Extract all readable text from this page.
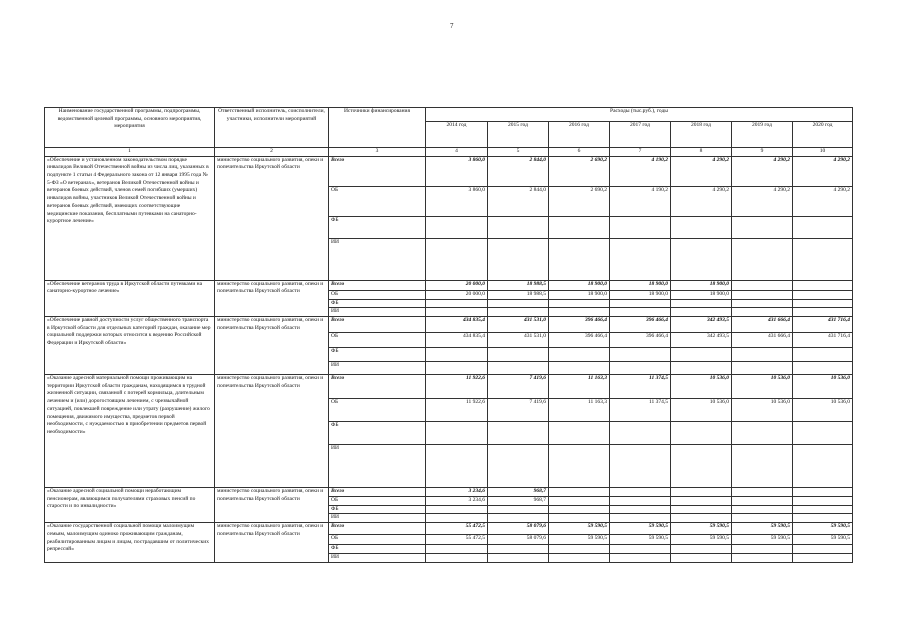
7
Наименование государственной программы, подпрограммы, ведомственной целевой программы, основного мероприятия, мероприятия	Ответственный исполнитель, соисполнители, участники, исполнители мероприятий	Источники финансирования	Расходы (тыс.руб.), годы						
			2014 год	2015 год	2016 год	2017 год	2018 год	2019 год	2020 год
1	2	3	4	5	6	7	8	9	10
«Обеспечение и установленном законодательством порядке инвалидов Великой Отечественной войны из числа лиц, указанных в подпункте 1 статьи 4 Федерального закона от 12 января 1995 года № 5-ФЗ «О ветеранах», ветеранов Великой Отечественной войны и ветеранов боевых действий, членов семей погибших (умерших) инвалидов войны, участников Великой Отечественной войны и ветеранов боевых действий, имеющих соответствующие медицинские показания, бесплатными путевками на санаторно-курортное лечение»	министерство социального развития, опеки и попечительства Иркутской области	Всего	3 860,0	2 844,0	2 690,2	4 190,2	4 290,2	4 290,2	4 290,2
		ОБ	3 860,0	2 844,0	2 690,2	4 190,2	4 290,2	4 290,2	4 290,2
		ФБ							
		ИИ							
«Обеспечение ветеранов труда в Иркутской области путевками на санаторно-курортное лечение»	министерство социального развития, опеки и попечительства Иркутской области	Всего	20 000,0	18 988,5	18 900,0	18 900,0	18 900,0		
		ОБ	20 000,0	18 988,5	18 900,0	18 900,0	18 900,0		
		ФБ							
		ИИ							
«Обеспечение равной доступности услуг общественного транспорта в Иркутской области для отдельных категорий граждан, оказание мер социальной поддержки которых относится к ведению Российской Федерации и Иркутской области»	министерство социального развития, опеки и попечительства Иркутской области	Всего	434 835,4	431 531,0	396 466,4	396 466,4	342 493,5	431 666,4	431 716,4
		ОБ	434 835,4	431 531,0	396 466,4	396 466,4	342 493,5	431 666,4	431 716,4
		ФБ							
		ИИ							
«Оказание адресной материальной помощи проживающим на территории Иркутской области гражданам, находящимся в трудной жизненной ситуации, связанной с потерей кормильца, длительным лечением и (или) дорогостоящим лечением, с чрезвычайной ситуацией, повлекшей повреждение или утрату (разрушение) жилого помещения, движимого имущества, предметов первой необходимости, с нуждаемостью в приобретении предметов первой необходимости»	министерство социального развития, опеки и попечительства Иркутской области	Всего	11 922,6	7 419,6	11 163,3	11 374,5	10 536,0	10 536,0	10 536,0
		ОБ	11 922,6	7 419,6	11 163,3	11 374,5	10 536,0	10 536,0	10 536,0
		ФБ							
		ИИ							
«Оказание адресной социальной помощи неработающим пенсионерам, являющимся получателями страховых пенсий по старости и по инвалидности»	министерство социального развития, опеки и попечительства Иркутской области	Всего	3 234,6	968,7					
		ОБ	3 234,6	968,7					
		ФБ							
		ИИ							
«Оказание государственной социальной помощи малоимущим семьям, малоимущим одиноко проживающим гражданам, реабилитированным лицам и лицам, пострадавшим от политических репрессий»	министерство социального развития, опеки и попечительства Иркутской области	Всего	55 472,5	58 079,6	59 590,5	59 590,5	59 590,5	59 590,5	59 590,5
		ОБ	55 472,5	58 079,6	59 590,5	59 590,5	59 590,5	59 590,5	59 590,5
		ФБ							
		ИИ							
